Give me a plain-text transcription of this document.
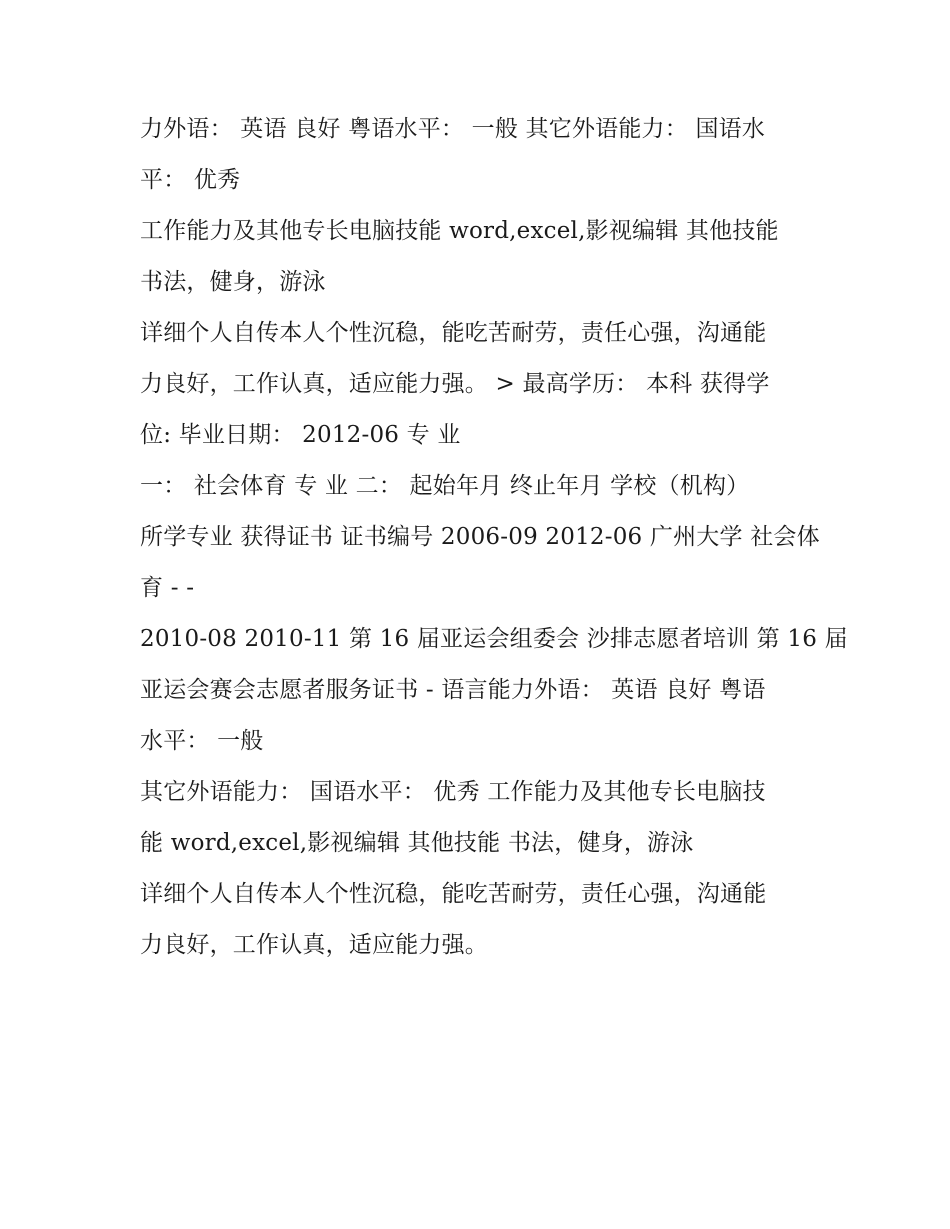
力外语： 英语 良好 粤语水平： 一般 其它外语能力： 国语水
平： 优秀
工作能力及其他专长电脑技能 word,excel,影视编辑 其他技能
书法，健身，游泳
详细个人自传本人个性沉稳，能吃苦耐劳，责任心强，沟通能
力良好，工作认真，适应能力强。 > 最高学历： 本科 获得学
位: 毕业日期： 2012-06 专 业
一： 社会体育 专 业 二： 起始年月 终止年月 学校（机构）
所学专业 获得证书 证书编号 2006-09 2012-06 广州大学 社会体
育 - -
2010-08 2010-11 第 16 届亚运会组委会 沙排志愿者培训 第 16 届
亚运会赛会志愿者服务证书 - 语言能力外语： 英语 良好 粤语
水平： 一般
其它外语能力： 国语水平： 优秀 工作能力及其他专长电脑技
能 word,excel,影视编辑 其他技能 书法，健身，游泳
详细个人自传本人个性沉稳，能吃苦耐劳，责任心强，沟通能
力良好，工作认真，适应能力强。
